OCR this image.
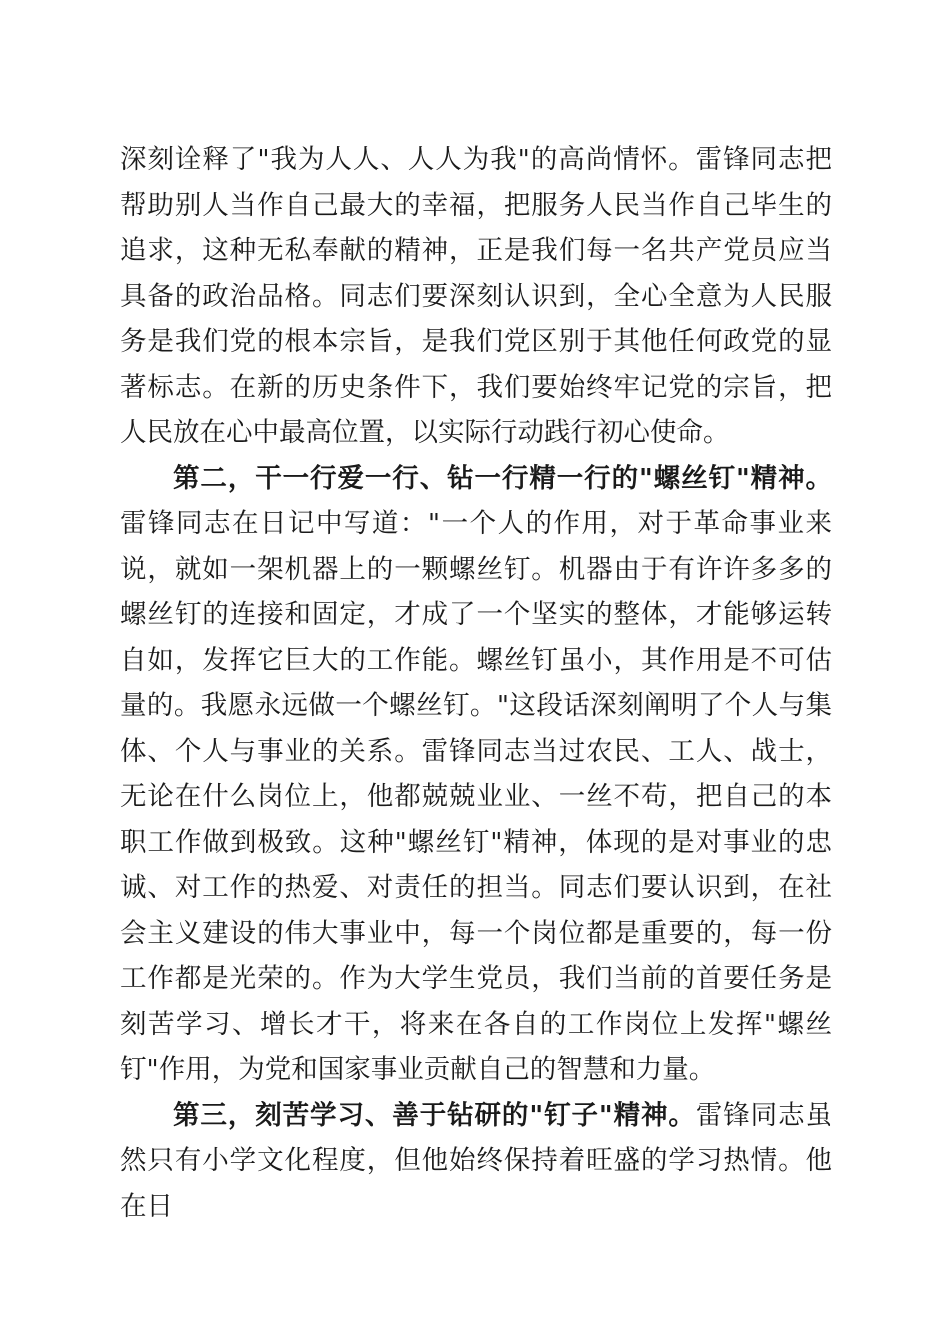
深刻诠释了"我为人人、人人为我"的高尚情怀。雷锋同志把帮助别人当作自己最大的幸福，把服务人民当作自己毕生的追求，这种无私奉献的精神，正是我们每一名共产党员应当具备的政治品格。同志们要深刻认识到，全心全意为人民服务是我们党的根本宗旨，是我们党区别于其他任何政党的显著标志。在新的历史条件下，我们要始终牢记党的宗旨，把人民放在心中最高位置，以实际行动践行初心使命。

第二，干一行爱一行、钻一行精一行的"螺丝钉"精神。雷锋同志在日记中写道："一个人的作用，对于革命事业来说，就如一架机器上的一颗螺丝钉。机器由于有许许多多的螺丝钉的连接和固定，才成了一个坚实的整体，才能够运转自如，发挥它巨大的工作能。螺丝钉虽小，其作用是不可估量的。我愿永远做一个螺丝钉。"这段话深刻阐明了个人与集体、个人与事业的关系。雷锋同志当过农民、工人、战士，无论在什么岗位上，他都兢兢业业、一丝不苟，把自己的本职工作做到极致。这种"螺丝钉"精神，体现的是对事业的忠诚、对工作的热爱、对责任的担当。同志们要认识到，在社会主义建设的伟大事业中，每一个岗位都是重要的，每一份工作都是光荣的。作为大学生党员，我们当前的首要任务是刻苦学习、增长才干，将来在各自的工作岗位上发挥"螺丝钉"作用，为党和国家事业贡献自己的智慧和力量。

第三，刻苦学习、善于钻研的"钉子"精神。雷锋同志虽然只有小学文化程度，但他始终保持着旺盛的学习热情。他在日
